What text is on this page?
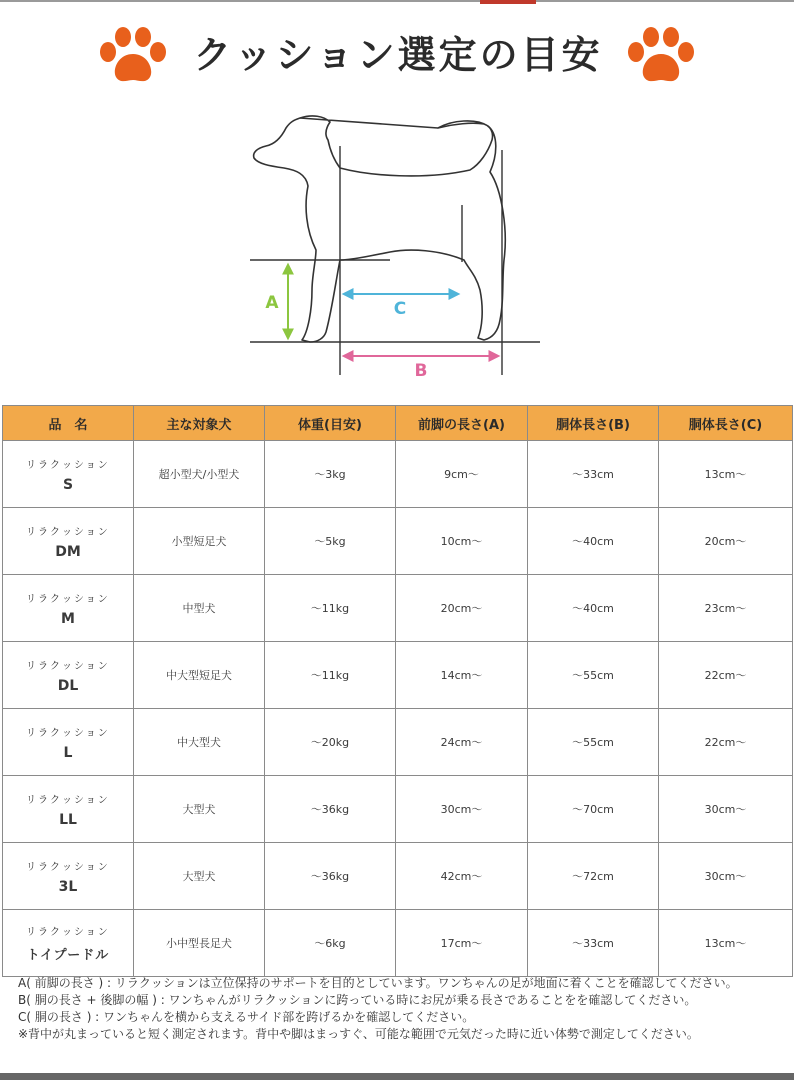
クッション選定の目安
A	C
B
品　名	主な対象犬	体重(目安)	前脚の長さ(A)	胴体長さ(B)	胴体長さ(C)

リラクッション
S	超小型犬/小型犬	～3kg	9cm～	～33cm	13cm～

リラクッション
DM	小型短足犬	～5kg	10cm～	～40cm	20cm～

リラクッション
M	中型犬	～11kg	20cm～	～40cm	23cm～

リラクッション
DL	中大型短足犬	～11kg	14cm～	～55cm	22cm～

リラクッション
L	中大型犬	～20kg	24cm～	～55cm	22cm～

リラクッション
LL	大型犬	～36kg	30cm～	～70cm	30cm～

リラクッション
3L	大型犬	～36kg	42cm～	～72cm	30cm～

リラクッション
トイプードル	小中型長足犬	～6kg	17cm～	～33cm	13cm～
A( 前脚の長さ ) : リラクッションは立位保持のサポートを目的としています。ワンちゃんの足が地面に着くことを確認してください。
B( 胴の長さ + 後脚の幅 ) : ワンちゃんがリラクッションに跨っている時にお尻が乗る長さであることをを確認してください。
C( 胴の長さ ) : ワンちゃんを横から支えるサイド部を跨げるかを確認してください。
※背中が丸まっていると短く測定されます。背中や脚はまっすぐ、可能な範囲で元気だった時に近い体勢で測定してください。
